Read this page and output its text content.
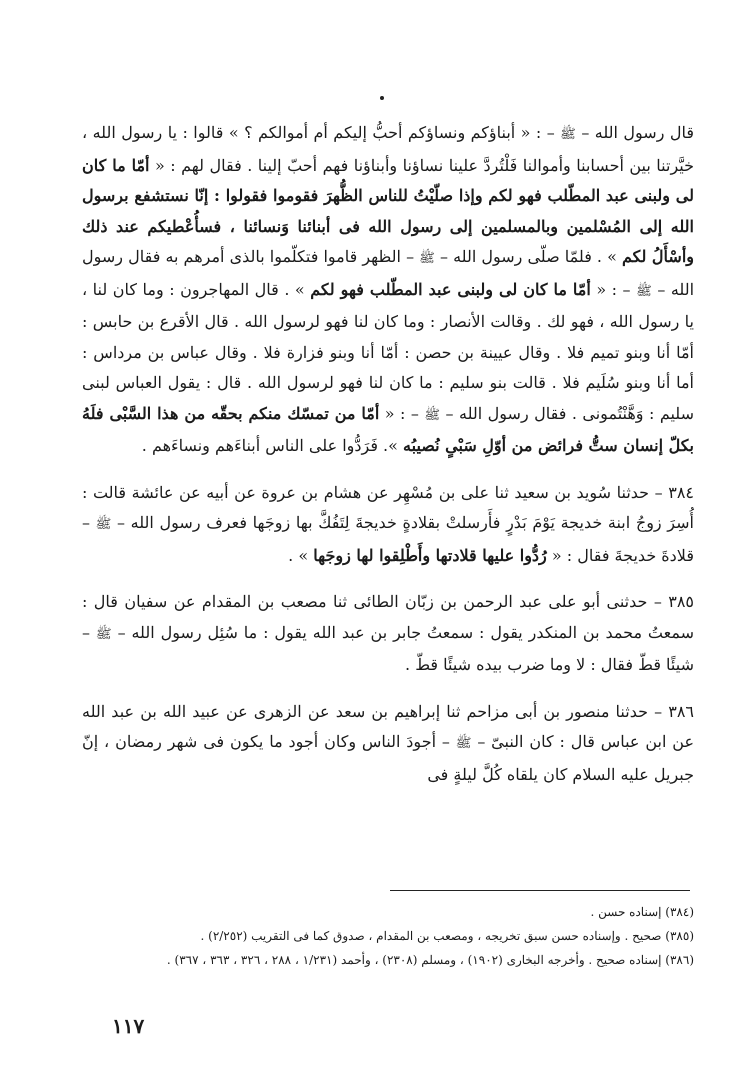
قال رسول الله – ﷺ – : « أبناؤكم ونساؤكم أحبُّ إليكم أم أموالكم ؟ » قالوا : يا رسول الله ، خيَّرتنا بين أحسابنا وأموالنا فَلْتُردَّ علينا نساؤنا وأبناؤنا فهم أحبّ إلينا . فقال لهم : « أمّا ما كان لى ولبنى عبد المطّلب فهو لكم وإذا صلّيْتُ للناس الظُّهرَ فقوموا فقولوا : إنّا نستشفع برسول الله إلى المُسْلمين وبالمسلمين إلى رسول الله فى أبنائنا وَنسائنا ، فسأُعْطيكم عند ذلك وأسْأَلُ لكم » . فلمّا صلّى رسول الله – ﷺ – الظهر قاموا فتكلّموا بالذى أمرهم به فقال رسول الله – ﷺ – : « أمّا ما كان لى ولبنى عبد المطّلب فهو لكم » . قال المهاجرون : وما كان لنا ، يا رسول الله ، فهو لك . وقالت الأنصار : وما كان لنا فهو لرسول الله . قال الأقرع بن حابس : أمّا أنا وبنو تميم فلا . وقال عيينة بن حصن : أمّا أنا وبنو فزارة فلا . وقال عباس بن مرداس : أما أنا وبنو سُلَيم فلا . قالت بنو سليم : ما كان لنا فهو لرسول الله . قال : يقول العباس لبنى سليم : وَهَّنْتُمونى . فقال رسول الله – ﷺ – : « أمّا من تمسّك منكم بحقّه من هذا السَّبْى فلَهُ بكلّ إنسان ستُّ فرائض من أوّلِ سَبْىٍ نُصيبُه ». فَرَدُّوا على الناس أبناءَهم ونساءَهم .

٣٨٤ – حدثنا سُويد بن سعيد ثنا على بن مُسْهِر عن هشام بن عروة عن أبيه عن عائشة قالت : أُسِرَ زوجُ ابنة خديجة يَوْمَ بَدْرٍ فأَرسلتْ بقلادةٍ خديجةَ لِتَفُكَّ بها زوجَها فعرف رسول الله – ﷺ – قلادةَ خديجةَ فقال : « رُدُّوا عليها قلادتها وأَطْلِقوا لها زوجَها » .

٣٨٥ – حدثنى أبو على عبد الرحمن بن زبّان الطائى ثنا مصعب بن المقدام عن سفيان قال : سمعتُ محمد بن المنكدر يقول : سمعتُ جابر بن عبد الله يقول : ما سُئِل رسول الله – ﷺ – شيئًا قطّ فقال : لا وما ضرب بيده شيئًا قطّ .

٣٨٦ – حدثنا منصور بن أبى مزاحم ثنا إبراهيم بن سعد عن الزهرى عن عبيد الله بن عبد الله عن ابن عباس قال : كان النبىّ – ﷺ – أجودَ الناس وكان أجود ما يكون فى شهر رمضان ، إنّ جبريل عليه السلام كان يلقاه كُلَّ ليلةٍ فى

(٣٨٤) إسناده حسن .

(٣٨٥) صحيح . وإسناده حسن سبق تخريجه ، ومصعب بن المقدام ، صدوق كما فى التقريب (٢/٢٥٢) .

(٣٨٦) إسناده صحيح . وأخرجه البخارى (١٩٠٢) ، ومسلم (٢٣٠٨) ، وأحمد (١/٢٣١ ، ٢٨٨ ، ٣٢٦ ، ٣٦٣ ، ٣٦٧) .

١١٧
